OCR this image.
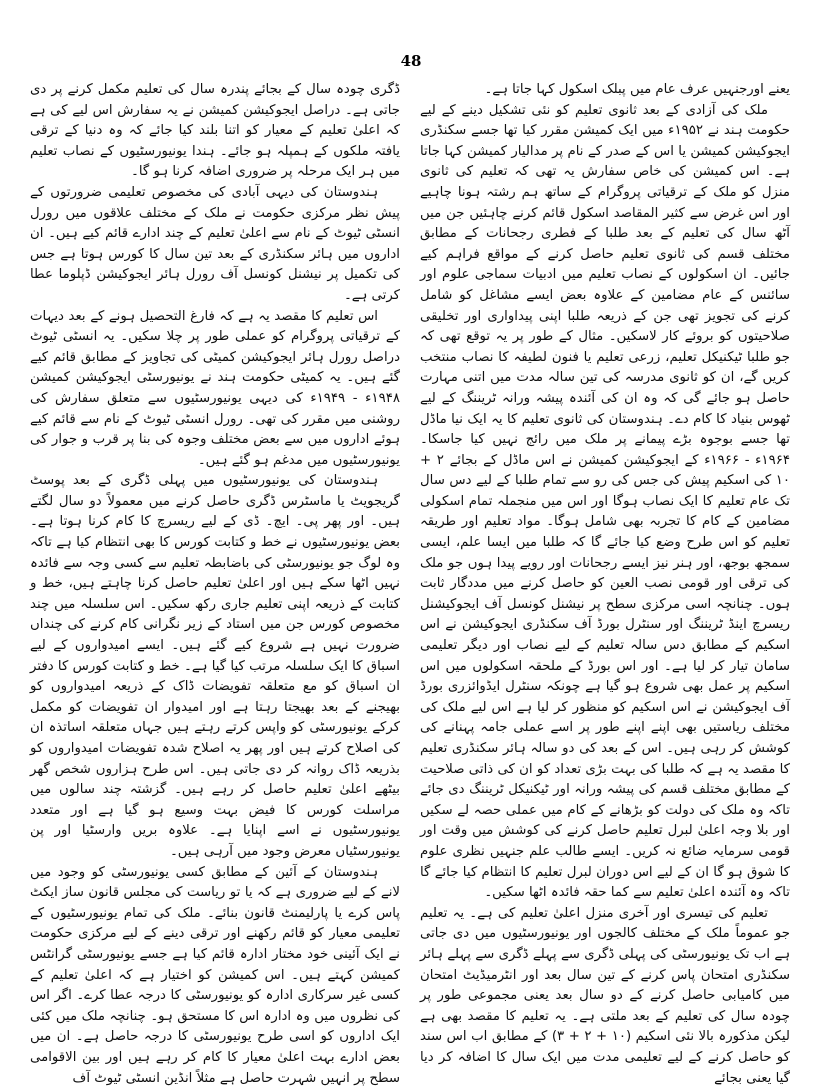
48

یعنے اورجنہیں عرف عام میں پبلک اسکول کہا جاتا ہے۔

ملک کی آزادی کے بعد ثانوی تعلیم کو نئی تشکیل دینے کے لیے حکومت ہند نے ۱۹۵۲ء میں ایک کمیشن مقرر کیا تھا جسے سکنڈری ایجوکیشن کمیشن یا اس کے صدر کے نام پر مدالیار کمیشن کہا جاتا ہے۔ اس کمیشن کی خاص سفارش یہ تھی کہ تعلیم کی ثانوی منزل کو ملک کے ترقیاتی پروگرام کے ساتھ ہم رشتہ ہونا چاہیے اور اس غرض سے کثیر المقاصد اسکول قائم کرنے چاہئیں جن میں آٹھ سال کی تعلیم کے بعد طلبا کے فطری رجحانات کے مطابق مختلف قسم کی ثانوی تعلیم حاصل کرنے کے مواقع فراہم کیے جائیں۔ ان اسکولوں کے نصاب تعلیم میں ادبیات سماجی علوم اور سائنس کے عام مضامین کے علاوہ بعض ایسے مشاغل کو شامل کرنے کی تجویز تھی جن کے ذریعہ طلبا اپنی پیداواری اور تخلیقی صلاحیتوں کو بروئے کار لاسکیں۔ مثال کے طور پر یہ توقع تھی کہ جو طلبا ٹیکنیکل تعلیم، زرعی تعلیم یا فنون لطیفہ کا نصاب منتخب کریں گے، ان کو ثانوی مدرسہ کی تین سالہ مدت میں اتنی مہارت حاصل ہو جائے گی کہ وہ ان کی آئندہ پیشہ ورانہ ٹریننگ کے لیے ٹھوس بنیاد کا کام دے۔ ہندوستان کی ثانوی تعلیم کا یہ ایک نیا ماڈل تھا جسے بوجوہ بڑے پیمانے پر ملک میں رائج نہیں کیا جاسکا۔ ۱۹۶۴ء - ۱۹۶۶ء کے ایجوکیشن کمیشن نے اس ماڈل کے بجائے ۲ + ۱۰ کی اسکیم پیش کی جس کی رو سے تمام طلبا کے لیے دس سال تک عام تعلیم کا ایک نصاب ہوگا اور اس میں منجملہ تمام اسکولی مضامین کے کام کا تجربہ بھی شامل ہوگا۔ مواد تعلیم اور طریقہ تعلیم کو اس طرح وضع کیا جائے گا کہ طلبا میں ایسا علم، ایسی سمجھ بوجھ، اور ہنر نیز ایسے رجحانات اور رویے پیدا ہوں جو ملک کی ترقی اور قومی نصب العین کو حاصل کرنے میں مددگار ثابت ہوں۔ چنانچہ اسی مرکزی سطح پر نیشنل کونسل آف ایجوکیشنل ریسرچ اینڈ ٹریننگ اور سنٹرل بورڈ آف سکنڈری ایجوکیشن نے اس اسکیم کے مطابق دس سالہ تعلیم کے لیے نصاب اور دیگر تعلیمی سامان تیار کر لیا ہے۔ اور اس بورڈ کے ملحقہ اسکولوں میں اس اسکیم پر عمل بھی شروع ہو گیا ہے چونکہ سنٹرل ایڈوائزری بورڈ آف ایجوکیشن نے اس اسکیم کو منظور کر لیا ہے اس لیے ملک کی مختلف ریاستیں بھی اپنے اپنے طور پر اسے عملی جامہ پہنانے کی کوشش کر رہی ہیں۔ اس کے بعد کی دو سالہ ہائر سکنڈری تعلیم کا مقصد یہ ہے کہ طلبا کی بہت بڑی تعداد کو ان کی ذاتی صلاحیت کے مطابق مختلف قسم کی پیشہ ورانہ اور ٹیکنیکل ٹریننگ دی جائے تاکہ وہ ملک کی دولت کو بڑھانے کے کام میں عملی حصہ لے سکیں اور بلا وجہ اعلیٰ لبرل تعلیم حاصل کرنے کی کوشش میں وقت اور قومی سرمایہ ضائع نہ کریں۔ ایسے طالب علم جنہیں نظری علوم کا شوق ہو گا ان کے لیے اس دوران لبرل تعلیم کا انتظام کیا جائے گا تاکہ وہ آئندہ اعلیٰ تعلیم سے کما حقہ فائدہ اٹھا سکیں۔

تعلیم کی تیسری اور آخری منزل اعلیٰ تعلیم کی ہے۔ یہ تعلیم جو عموماً ملک کے مختلف کالجوں اور یونیورسٹیوں میں دی جاتی ہے اب تک یونیورسٹی کی پہلی ڈگری سے پہلے ڈگری سے پہلے ہائر سکنڈری امتحان پاس کرنے کے تین سال بعد اور انٹرمیڈیٹ امتحان میں کامیابی حاصل کرنے کے دو سال بعد یعنی مجموعی طور پر چودہ سال کی تعلیم کے بعد ملتی ہے۔ یہ تعلیم کا مقصد بھی ہے لیکن مذکورہ بالا نئی اسکیم (۱۰ + ۲ + ۳) کے مطابق اب اس سند کو حاصل کرنے کے لیے تعلیمی مدت میں ایک سال کا اضافہ کر دیا گیا یعنی بجائے

ڈگری چودہ سال کے بجائے پندرہ سال کی تعلیم مکمل کرنے پر دی جاتی ہے۔ دراصل ایجوکیشن کمیشن نے یہ سفارش اس لیے کی ہے کہ اعلیٰ تعلیم کے معیار کو اتنا بلند کیا جائے کہ وہ دنیا کے ترقی یافتہ ملکوں کے ہمپلہ ہو جائے۔ ہندا یونیورسٹیوں کے نصاب تعلیم میں ہر ایک مرحلہ پر ضروری اضافہ کرنا ہو گا۔

ہندوستان کی دیہی آبادی کی مخصوص تعلیمی ضرورتوں کے پیش نظر مرکزی حکومت نے ملک کے مختلف علاقوں میں رورل انسٹی ٹیوٹ کے نام سے اعلیٰ تعلیم کے چند ادارے قائم کیے ہیں۔ ان اداروں میں ہائر سکنڈری کے بعد تین سال کا کورس ہوتا ہے جس کی تکمیل پر نیشنل کونسل آف رورل ہائر ایجوکیشن ڈپلوما عطا کرتی ہے۔

اس تعلیم کا مقصد یہ ہے کہ فارغ التحصیل ہونے کے بعد دیہات کے ترقیاتی پروگرام کو عملی طور پر چلا سکیں۔ یہ انسٹی ٹیوٹ دراصل رورل ہائر ایجوکیشن کمیٹی کی تجاویز کے مطابق قائم کیے گئے ہیں۔ یہ کمیٹی حکومت ہند نے یونیورسٹی ایجوکیشن کمیشن ۱۹۴۸ء - ۱۹۴۹ء کی دیہی یونیورسٹیوں سے متعلق سفارش کی روشنی میں مقرر کی تھی۔ رورل انسٹی ٹیوٹ کے نام سے قائم کیے ہوئے اداروں میں سے بعض مختلف وجوہ کی بنا پر قرب و جوار کی یونیورسٹیوں میں مدغم ہو گئے ہیں۔

ہندوستان کی یونیورسٹیوں میں پہلی ڈگری کے بعد پوسٹ گریجویٹ یا ماسٹرس ڈگری حاصل کرنے میں معمولاً دو سال لگتے ہیں۔ اور پھر پی۔ ایچ۔ ڈی کے لیے ریسرچ کا کام کرنا ہوتا ہے۔ بعض یونیورسٹیوں نے خط و کتابت کورس کا بھی انتظام کیا ہے تاکہ وہ لوگ جو یونیورسٹی کی باضابطہ تعلیم سے کسی وجہ سے فائدہ نہیں اٹھا سکے ہیں اور اعلیٰ تعلیم حاصل کرنا چاہتے ہیں، خط و کتابت کے ذریعہ اپنی تعلیم جاری رکھ سکیں۔ اس سلسلہ میں چند مخصوص کورس جن میں استاد کے زیر نگرانی کام کرنے کی چنداں ضرورت نہیں ہے شروع کیے گئے ہیں۔ ایسے امیدواروں کے لیے اسباق کا ایک سلسلہ مرتب کیا گیا ہے۔ خط و کتابت کورس کا دفتر ان اسباق کو مع متعلقہ تفویضات ڈاک کے ذریعہ امیدواروں کو بھیجنے کے بعد بھیجتا رہتا ہے اور امیدوار ان تفویضات کو مکمل کرکے یونیورسٹی کو واپس کرتے رہتے ہیں جہاں متعلقہ اساتذہ ان کی اصلاح کرتے ہیں اور پھر یہ اصلاح شدہ تفویضات امیدواروں کو بذریعہ ڈاک روانہ کر دی جاتی ہیں۔ اس طرح ہزاروں شخص گھر بیٹھے اعلیٰ تعلیم حاصل کر رہے ہیں۔ گزشتہ چند سالوں میں مراسلت کورس کا فیض بہت وسیع ہو گیا ہے اور متعدد یونیورسٹیوں نے اسے اپنایا ہے۔ علاوہ بریں وارسٹیا اور پن یونیورسٹیاں معرض وجود میں آرہی ہیں۔

ہندوستان کے آئین کے مطابق کسی یونیورسٹی کو وجود میں لانے کے لیے ضروری ہے کہ یا تو ریاست کی مجلس قانون ساز ایکٹ پاس کرے یا پارلیمنٹ قانون بنائے۔ ملک کی تمام یونیورسٹیوں کے تعلیمی معیار کو قائم رکھنے اور ترقی دینے کے لیے مرکزی حکومت نے ایک آئینی خود مختار ادارہ قائم کیا ہے جسے یونیورسٹی گرانٹس کمیشن کہتے ہیں۔ اس کمیشن کو اختیار ہے کہ اعلیٰ تعلیم کے کسی غیر سرکاری ادارہ کو یونیورسٹی کا درجہ عطا کرے۔ اگر اس کی نظروں میں وہ ادارہ اس کا مستحق ہو۔ چنانچہ ملک میں کئی ایک اداروں کو اسی طرح یونیورسٹی کا درجہ حاصل ہے۔ ان میں بعض ادارے بہت اعلیٰ معیار کا کام کر رہے ہیں اور بین الاقوامی سطح پر انہیں شہرت حاصل ہے مثلاً انڈین انسٹی ٹیوٹ آف
